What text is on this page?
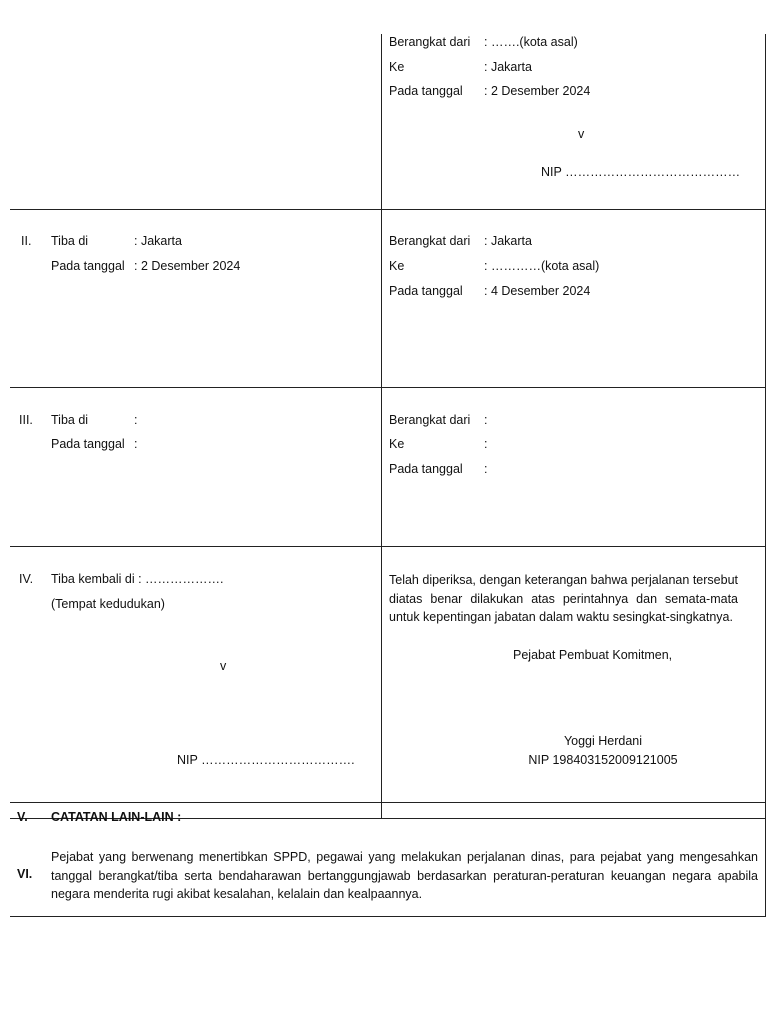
Berangkat dari : …….(kota asal)
Ke	: Jakarta
Pada tanggal : 2 Desember 2024
v
NIP ……………………………………
II. Tiba di	: Jakarta
Pada tanggal : 2 Desember 2024
Berangkat dari : Jakarta
Ke	: …………(kota asal)
Pada tanggal : 4 Desember 2024
III. Tiba di	:
Pada tanggal :
Berangkat dari :
Ke	:
Pada tanggal :
IV. Tiba kembali di : ……………….
(Tempat kedudukan)
v
NIP ……………………………….
Telah diperiksa, dengan keterangan bahwa perjalanan tersebut diatas benar dilakukan atas perintahnya dan semata-mata untuk kepentingan jabatan dalam waktu sesingkat-singkatnya.
Pejabat Pembuat Komitmen,
Yoggi Herdani
NIP 198403152009121005
V. CATATAN LAIN-LAIN :
VI.
Pejabat yang berwenang menertibkan SPPD, pegawai yang melakukan perjalanan dinas, para pejabat yang mengesahkan tanggal berangkat/tiba serta bendaharawan bertanggungjawab berdasarkan peraturan-peraturan keuangan negara apabila negara menderita rugi akibat kesalahan, kelalain dan kealpaannya.
